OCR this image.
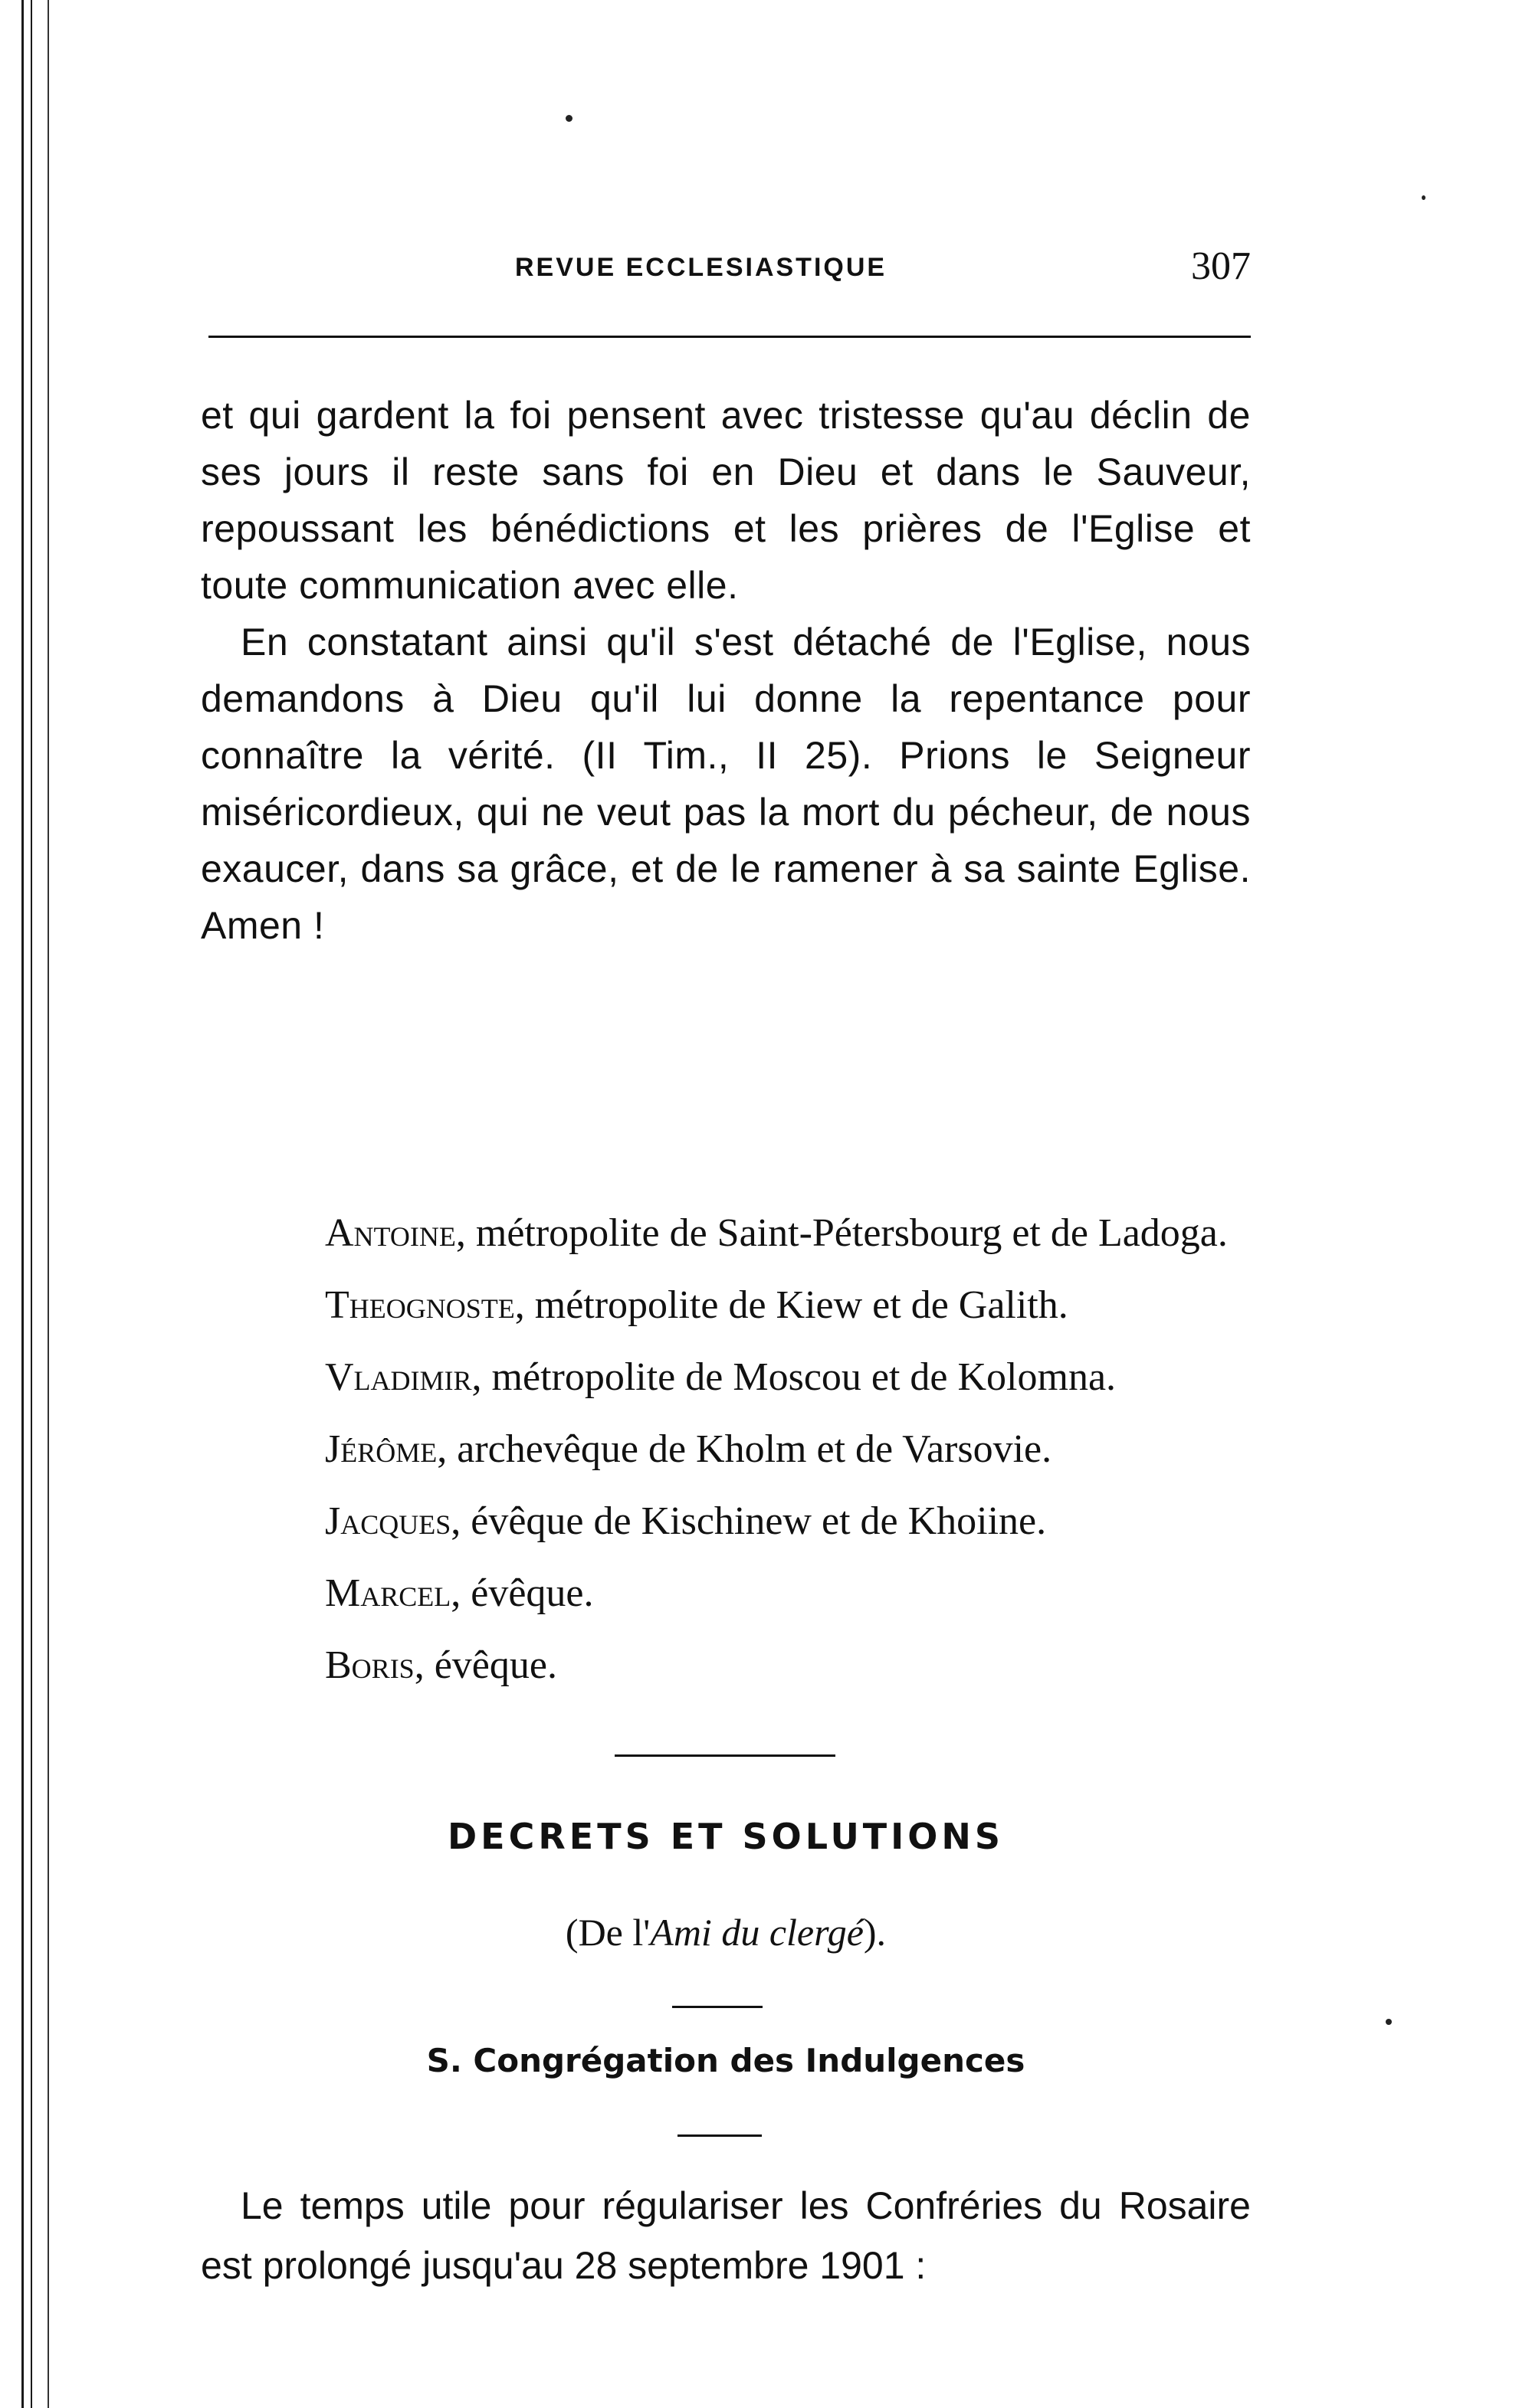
REVUE ECCLESIASTIQUE	307

et qui gardent la foi pensent avec tristesse qu'au déclin de ses jours il reste sans foi en Dieu et dans le Sauveur, repoussant les bénédictions et les prières de l'Eglise et toute communication avec elle.

En constatant ainsi qu'il s'est détaché de l'Eglise, nous demandons à Dieu qu'il lui donne la repentance pour connaître la vérité. (II Tim., II 25). Prions le Seigneur miséricordieux, qui ne veut pas la mort du pécheur, de nous exaucer, dans sa grâce, et de le ramener à sa sainte Eglise. Amen !

Antoine, métropolite de Saint-Pétersbourg et de Ladoga.

Theognoste, métropolite de Kiew et de Galith.

Vladimir, métropolite de Moscou et de Kolomna.

Jérôme, archevêque de Kholm et de Varsovie.

Jacques, évêque de Kischinew et de Khoiine.

Marcel, évêque.

Boris, évêque.

DECRETS ET SOLUTIONS
(De l'Ami du clergé).
S. Congrégation des Indulgences

Le temps utile pour régulariser les Confréries du Rosaire est prolongé jusqu'au 28 septembre 1901 :
